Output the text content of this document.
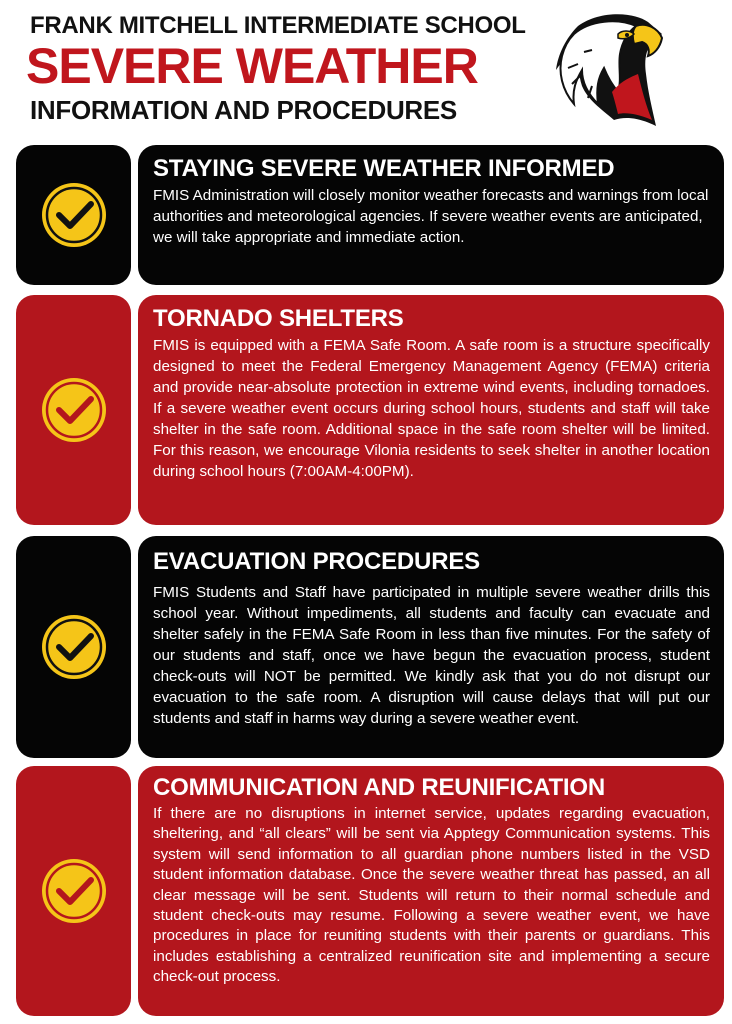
FRANK MITCHELL INTERMEDIATE SCHOOL
SEVERE WEATHER
INFORMATION AND PROCEDURES
STAYING SEVERE WEATHER INFORMED
FMIS Administration will closely monitor weather forecasts and warnings from local authorities and meteorological agencies. If severe weather events are anticipated, we will take appropriate and immediate action.
TORNADO SHELTERS
FMIS is equipped with a FEMA Safe Room. A safe room is a structure specifically designed to meet the Federal Emergency Management Agency (FEMA) criteria and provide near-absolute protection in extreme wind events, including tornadoes. If a severe weather event occurs during school hours, students and staff will take shelter in the safe room. Additional space in the safe room shelter will be limited. For this reason, we encourage Vilonia residents to seek shelter in another location during school hours (7:00AM-4:00PM).
EVACUATION PROCEDURES
FMIS Students and Staff have participated in multiple severe weather drills this school year. Without impediments, all students and faculty can evacuate and shelter safely in the FEMA Safe Room in less than five minutes. For the safety of our students and staff, once we have begun the evacuation process, student check-outs will NOT be permitted. We kindly ask that you do not disrupt our evacuation to the safe room. A disruption will cause delays that will put our students and staff in harms way during a severe weather event.
COMMUNICATION AND REUNIFICATION
If there are no disruptions in internet service, updates regarding evacuation, sheltering, and “all clears” will be sent via Apptegy Communication systems. This system will send information to all guardian phone numbers listed in the VSD student information database. Once the severe weather threat has passed, an all clear message will be sent. Students will return to their normal schedule and student check-outs may resume. Following a severe weather event, we have procedures in place for reuniting students with their parents or guardians. This includes establishing a centralized reunification site and implementing a secure check-out process.
